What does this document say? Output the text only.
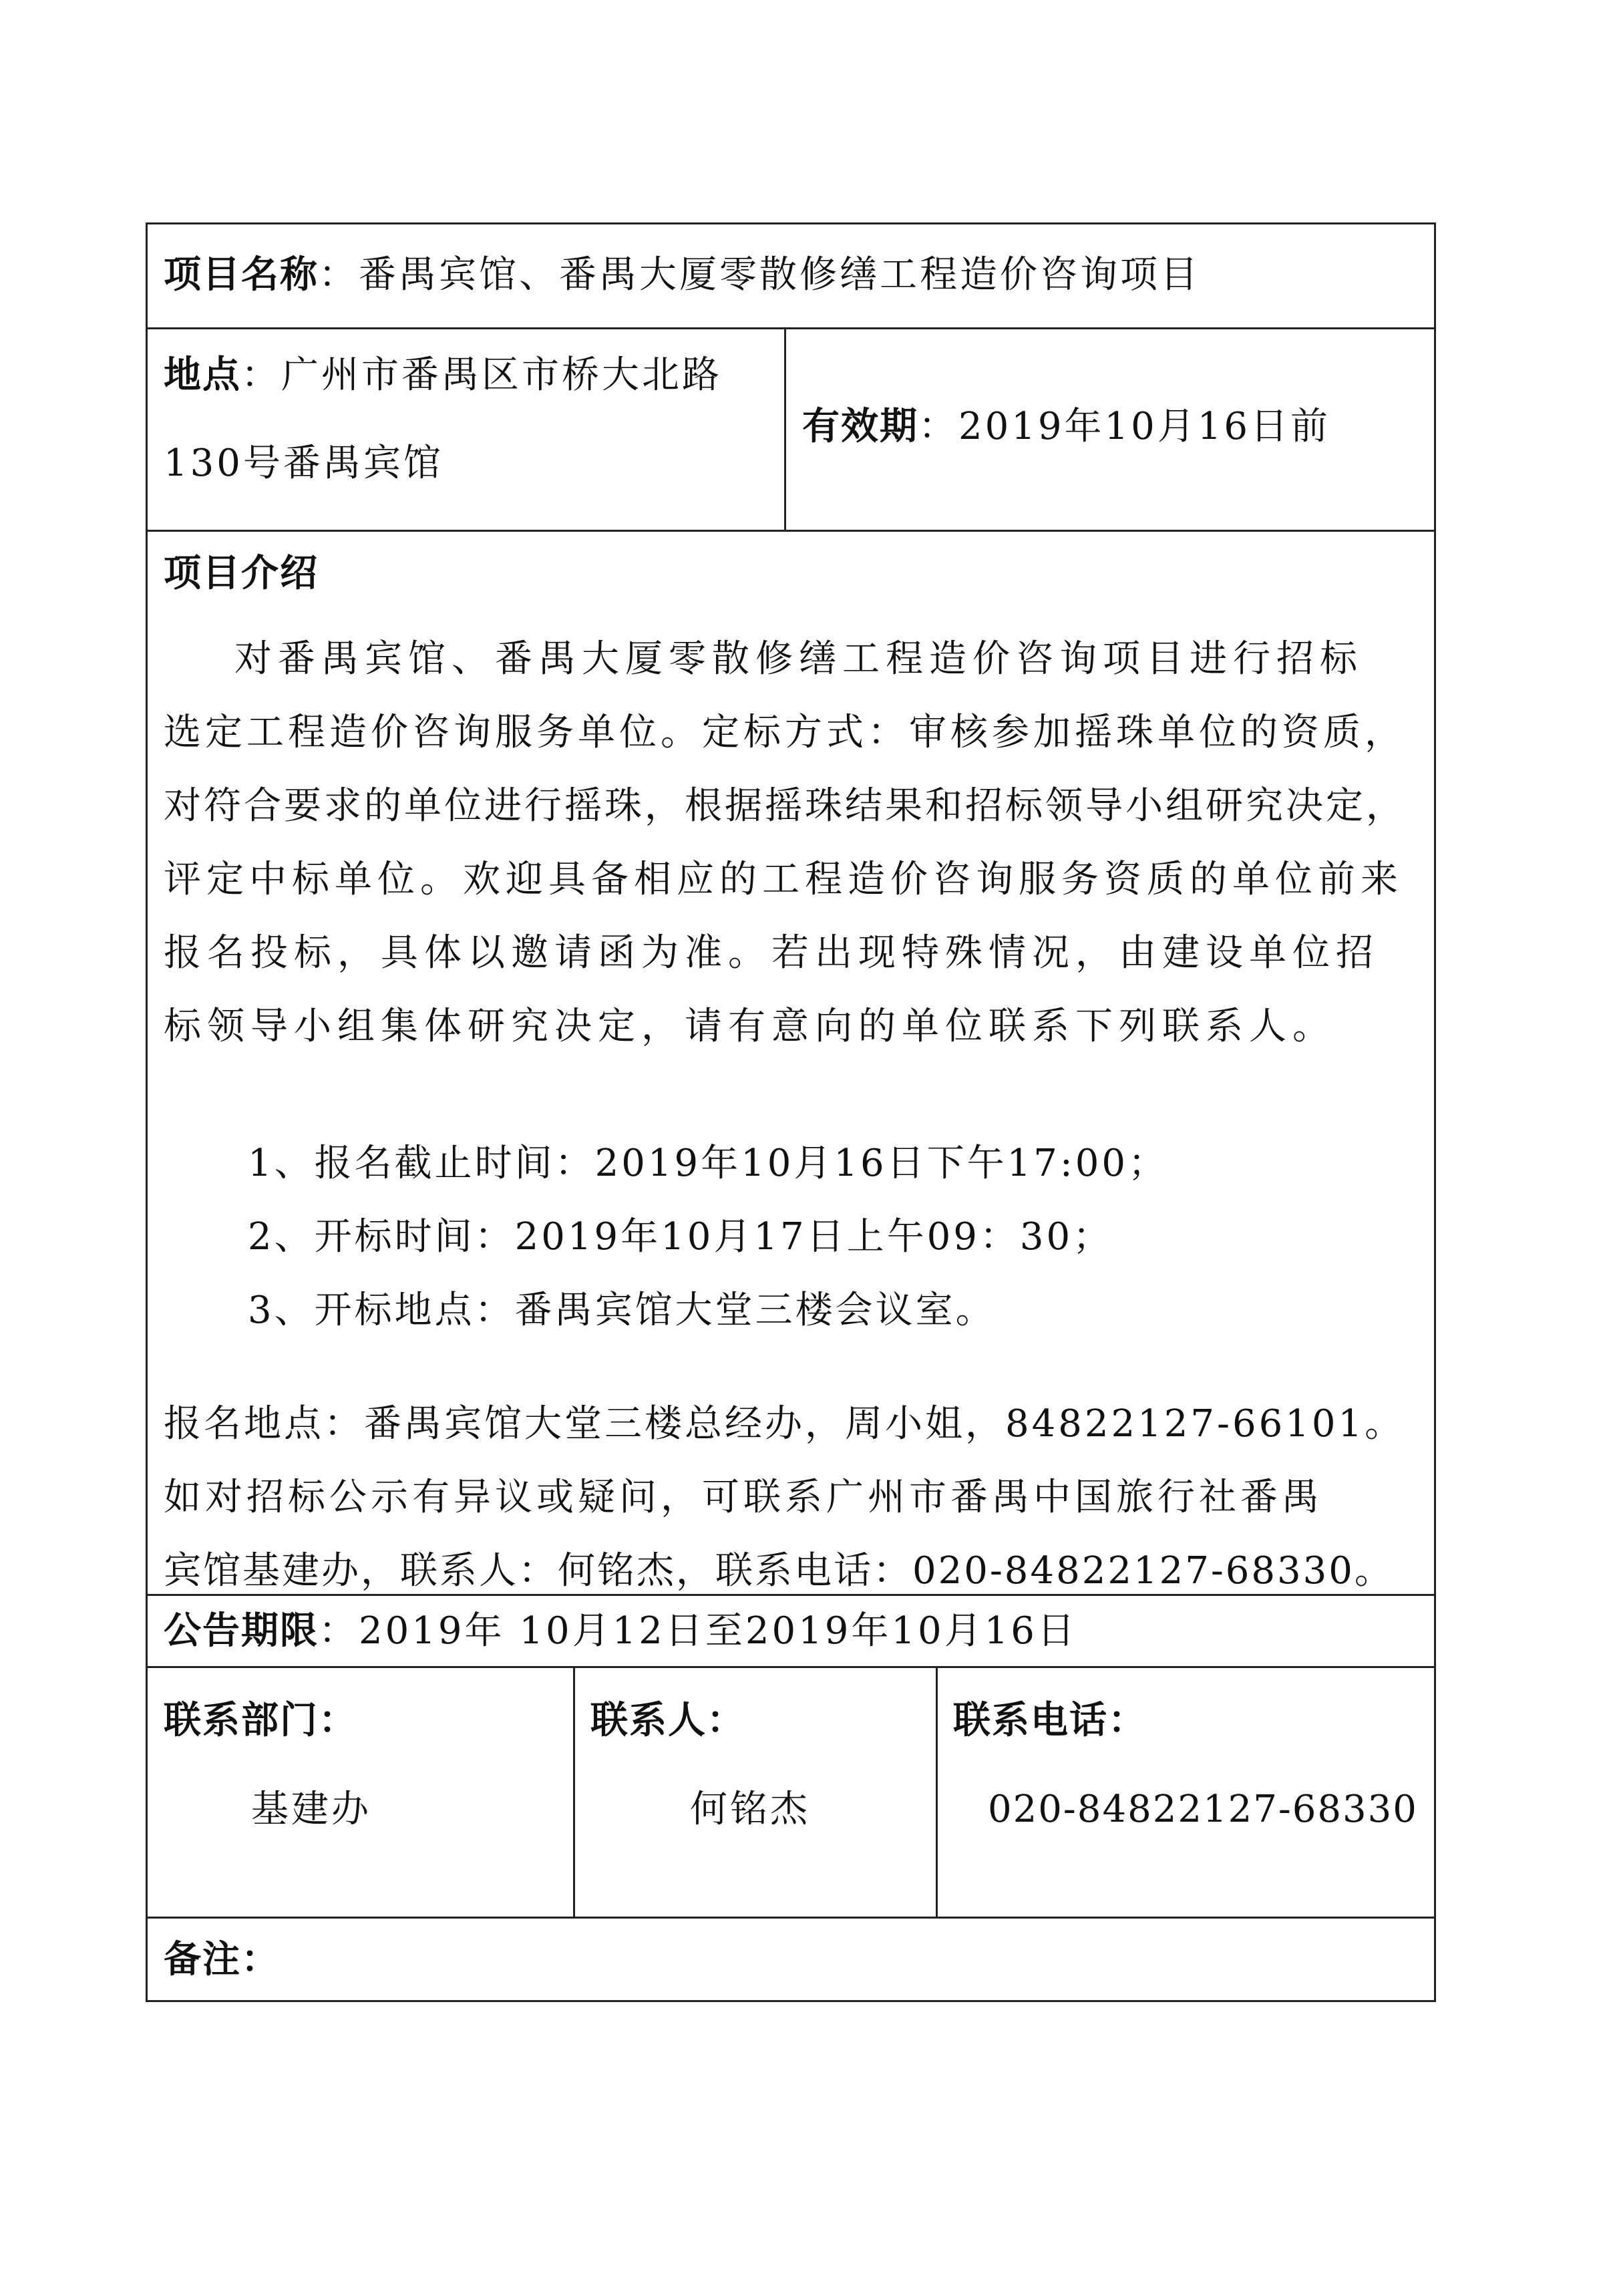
项目名称：番禺宾馆、番禺大厦零散修缮工程造价咨询项目
地点：广州市番禺区市桥大北路
130号番禺宾馆
有效期：2019年10月16日前
项目介绍
对番禺宾馆、番禺大厦零散修缮工程造价咨询项目进行招标
选定工程造价咨询服务单位。定标方式：审核参加摇珠单位的资质，
对符合要求的单位进行摇珠，根据摇珠结果和招标领导小组研究决定，
评定中标单位。欢迎具备相应的工程造价咨询服务资质的单位前来
报名投标，具体以邀请函为准。若出现特殊情况，由建设单位招
标领导小组集体研究决定，请有意向的单位联系下列联系人。
1、报名截止时间：2019年10月16日下午17:00；
2、开标时间：2019年10月17日上午09：30；
3、开标地点：番禺宾馆大堂三楼会议室。
报名地点：番禺宾馆大堂三楼总经办，周小姐，84822127-66101。
如对招标公示有异议或疑问，可联系广州市番禺中国旅行社番禺
宾馆基建办，联系人：何铭杰，联系电话：020-84822127-68330。
公告期限：2019年 10月12日至2019年10月16日
联系部门：
基建办
联系人：
何铭杰
联系电话：
020-84822127-68330
备注：
